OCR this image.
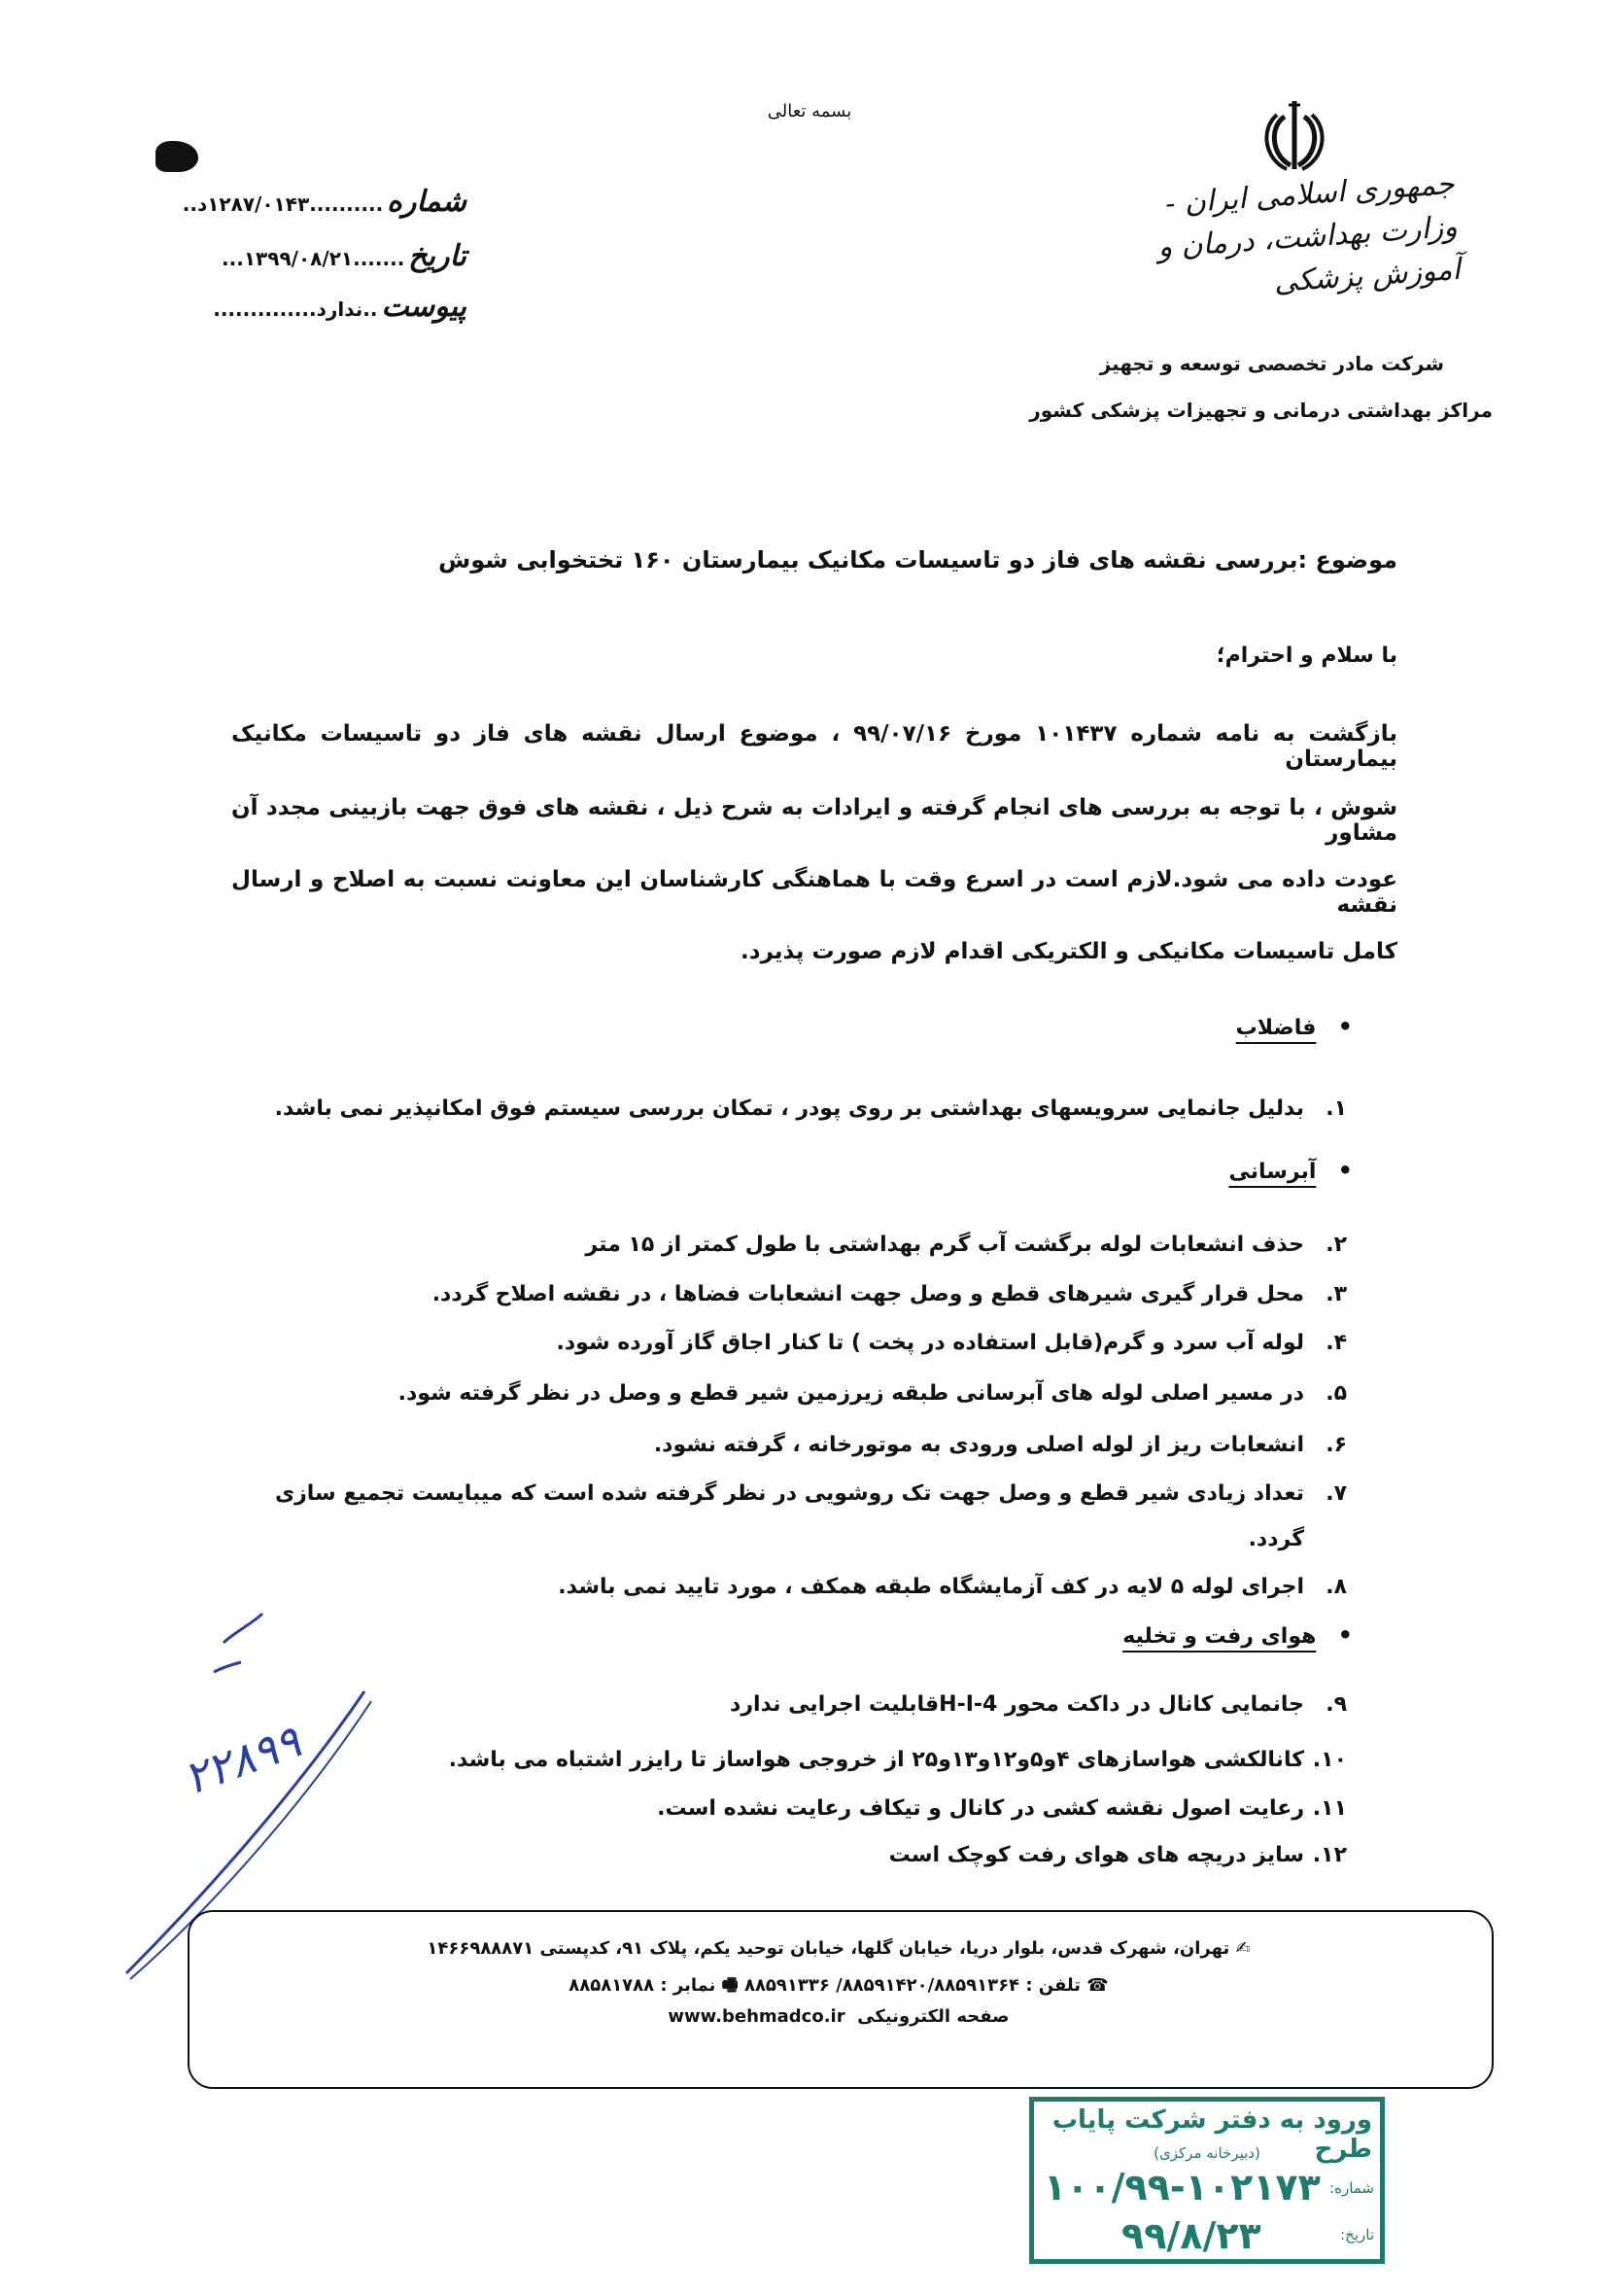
بسمه تعالی
جمهوری اسلامی ایران - وزارت بهداشت، درمان و آموزش پزشکی
شرکت مادر تخصصی توسعه و تجهیز
مراکز بهداشتی درمانی و تجهیزات پزشکی کشور
شماره..........۱۲۸۷/۰۱۴۳د..
تاریخ.......۱۳۹۹/۰۸/۲۱...
پیوست..ندارد..............
موضوع :بررسی نقشه های فاز دو تاسیسات مکانیک بیمارستان ۱۶۰ تختخوابی شوش
با سلام و احترام؛
بازگشت به نامه شماره ۱۰۱۴۳۷ مورخ ۹۹/۰۷/۱۶ ، موضوع ارسال نقشه های فاز دو تاسیسات مکانیک بیمارستان
شوش ، با توجه به بررسی های انجام گرفته و ایرادات به شرح ذیل ، نقشه های فوق جهت بازبینی مجدد آن مشاور
عودت داده می شود.لازم است در اسرع وقت با هماهنگی کارشناسان این معاونت نسبت به اصلاح و ارسال نقشه
کامل تاسیسات مکانیکی و الکتریکی اقدام لازم صورت پذیرد.
•    فاضلاب
۱.بدلیل جانمایی سرویسهای بهداشتی بر روی پودر ، تمکان بررسی سیستم فوق امکانپذیر نمی باشد.
•    آبرسانی
۲.حذف انشعابات لوله برگشت آب گرم بهداشتی با طول کمتر از ۱۵ متر
۳.محل قرار گیری شیرهای قطع و وصل جهت انشعابات فضاها ، در نقشه اصلاح گردد.
۴.لوله آب سرد و گرم(قابل استفاده در پخت ) تا کنار اجاق گاز آورده شود.
۵.در مسیر اصلی لوله های آبرسانی طبقه زیرزمین شیر قطع و وصل در نظر گرفته شود.
۶.انشعابات ریز از لوله اصلی ورودی به موتورخانه ، گرفته نشود.
۷.تعداد زیادی شیر قطع و وصل جهت تک روشویی در نظر گرفته شده است که میبایست تجمیع سازی
گردد.
۸.اجرای لوله ۵ لایه در کف آزمایشگاه طبقه همکف ، مورد تایید نمی باشد.
•    هوای رفت و تخلیه
۹.جانمایی کانال در داکت محور H-I-4قابلیت اجرایی ندارد
۱۰.کانالکشی هواسازهای ۴و۵و۱۲و۱۳و۲۵ از خروجی هواساز تا رایزر اشتباه می باشد.
۱۱.رعایت اصول نقشه کشی در کانال و تیکاف رعایت نشده است.
۱۲.سایز دریچه های هوای رفت کوچک است
۲۲۸۹۹
✍ تهران، شهرک قدس، بلوار دریا، خیابان گلها، خیابان توحید یکم، پلاک ۹۱، کدپستی ۱۴۶۶۹۸۸۸۷۱
☎ تلفن : ۸۸۵۹۱۴۲۰/۸۸۵۹۱۳۶۴/ ۸۸۵۹۱۳۳۶ 🖷 نمابر : ۸۸۵۸۱۷۸۸
صفحه الکترونیکی  www.behmadco.ir
ورود به دفتر شرکت پایاب طرح
(دبیرخانه مرکزی)
شماره:
۱۰۰/۹۹-۱۰۲۱۷۳
تاریخ:
۹۹/۸/۲۳
